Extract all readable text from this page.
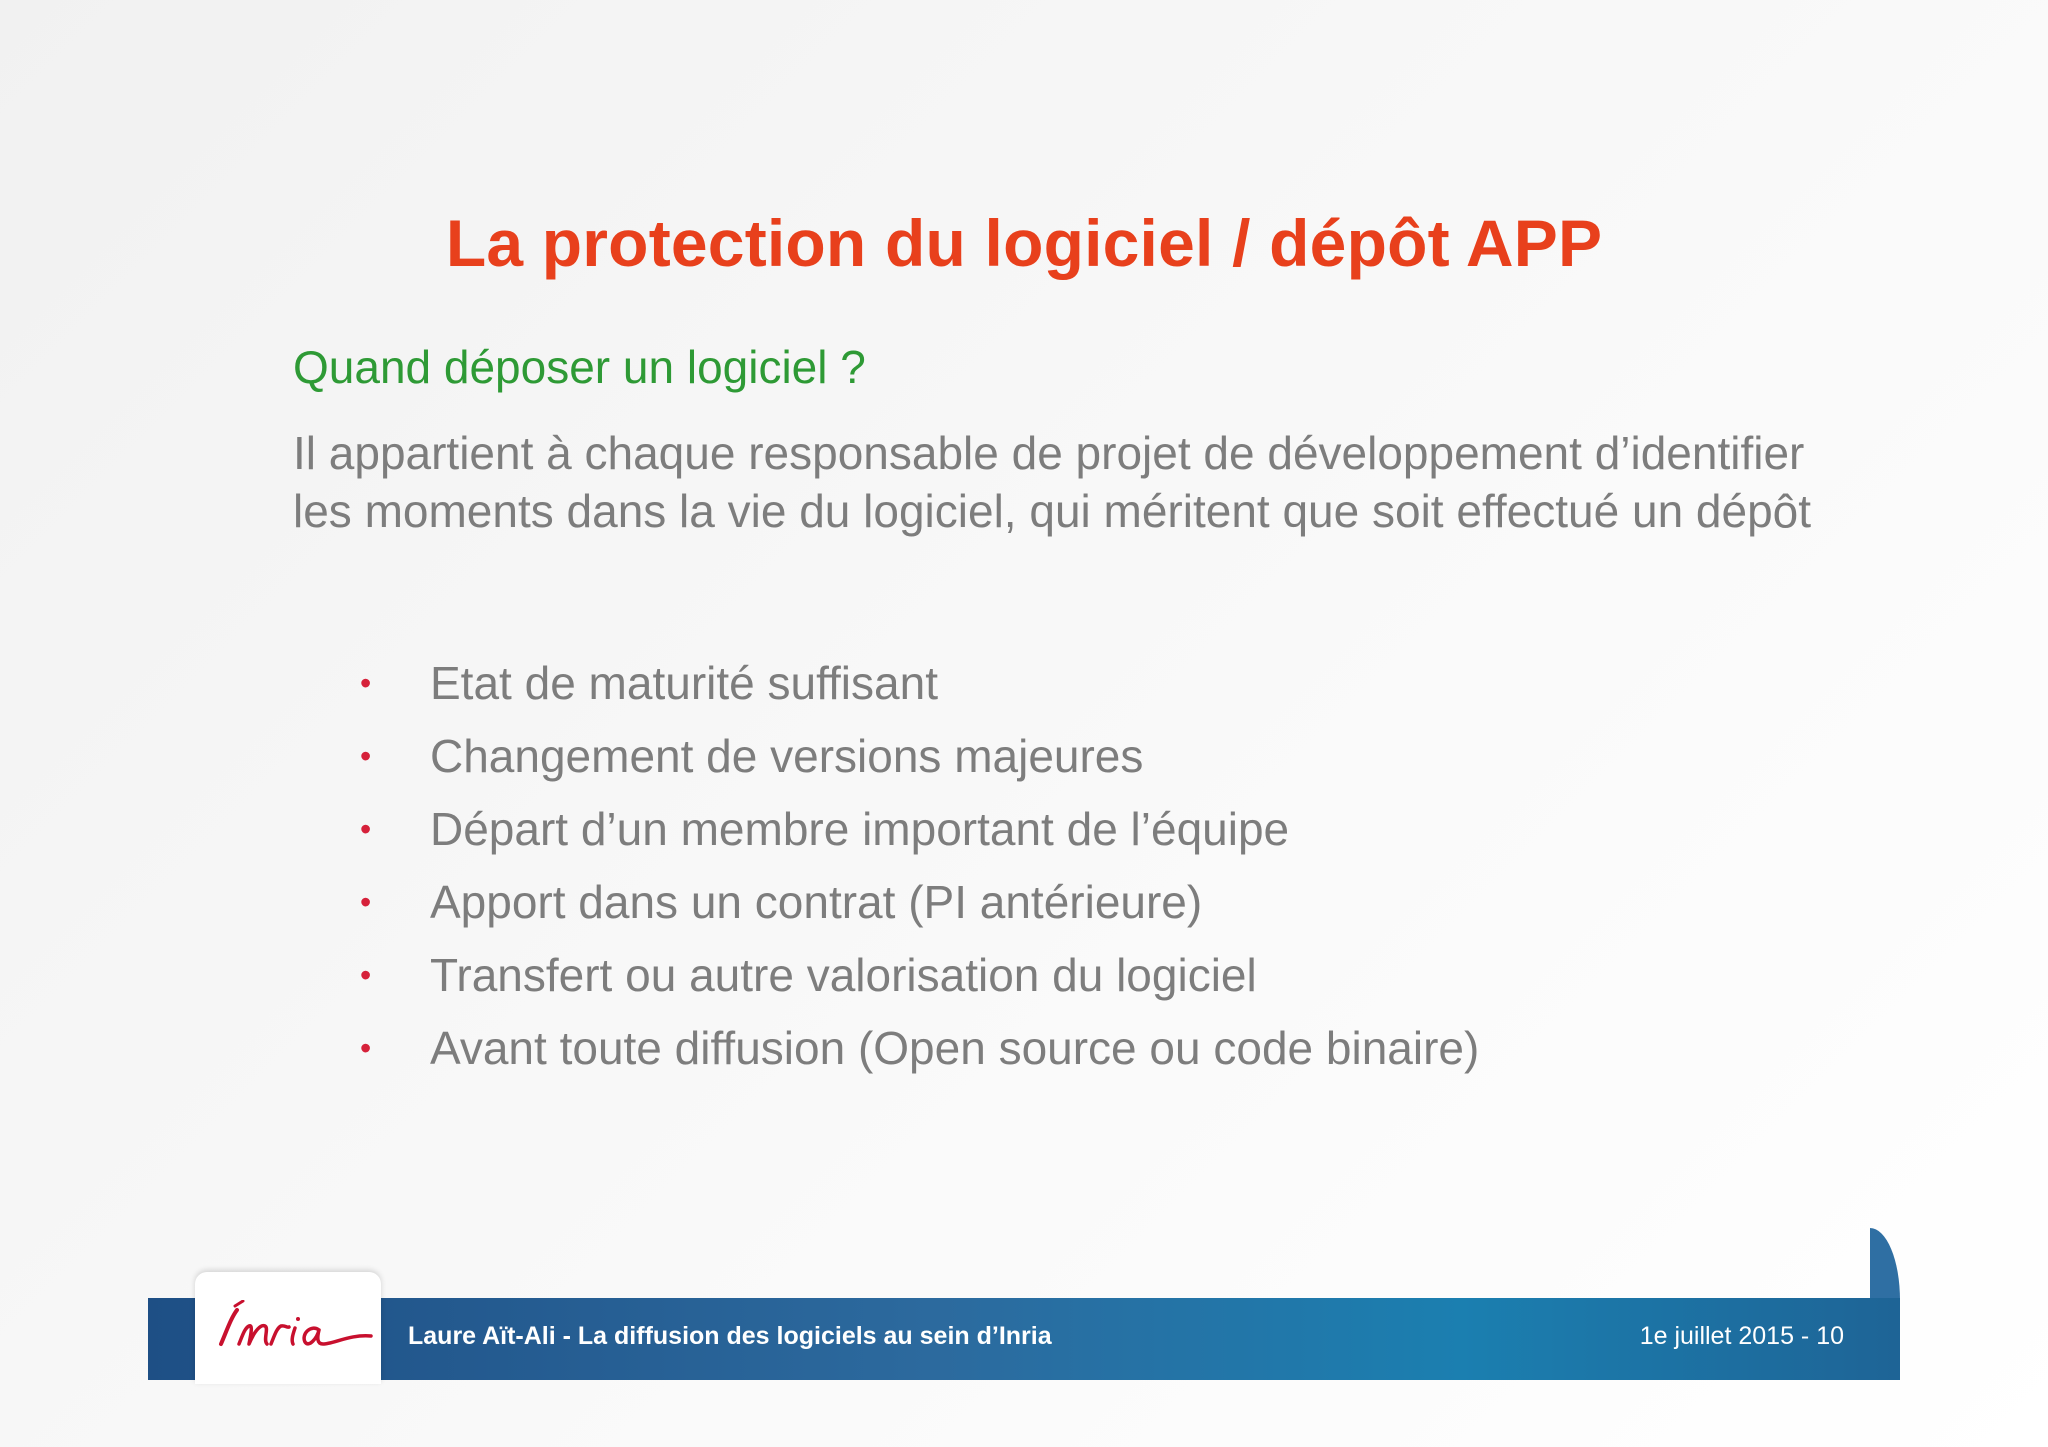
La protection du logiciel / dépôt APP
Quand déposer un logiciel ?
Il appartient à chaque responsable de projet de développement d’identifier les moments dans la vie du logiciel, qui méritent que soit effectué un dépôt
• Etat de maturité suffisant
• Changement de versions majeures
• Départ d’un membre important de l’équipe
• Apport dans un contrat (PI antérieure)
• Transfert ou autre valorisation du logiciel
• Avant toute diffusion (Open source ou code binaire)
Laure Aït-Ali - La diffusion des logiciels au sein d’Inria	1e juillet 2015 - 10
